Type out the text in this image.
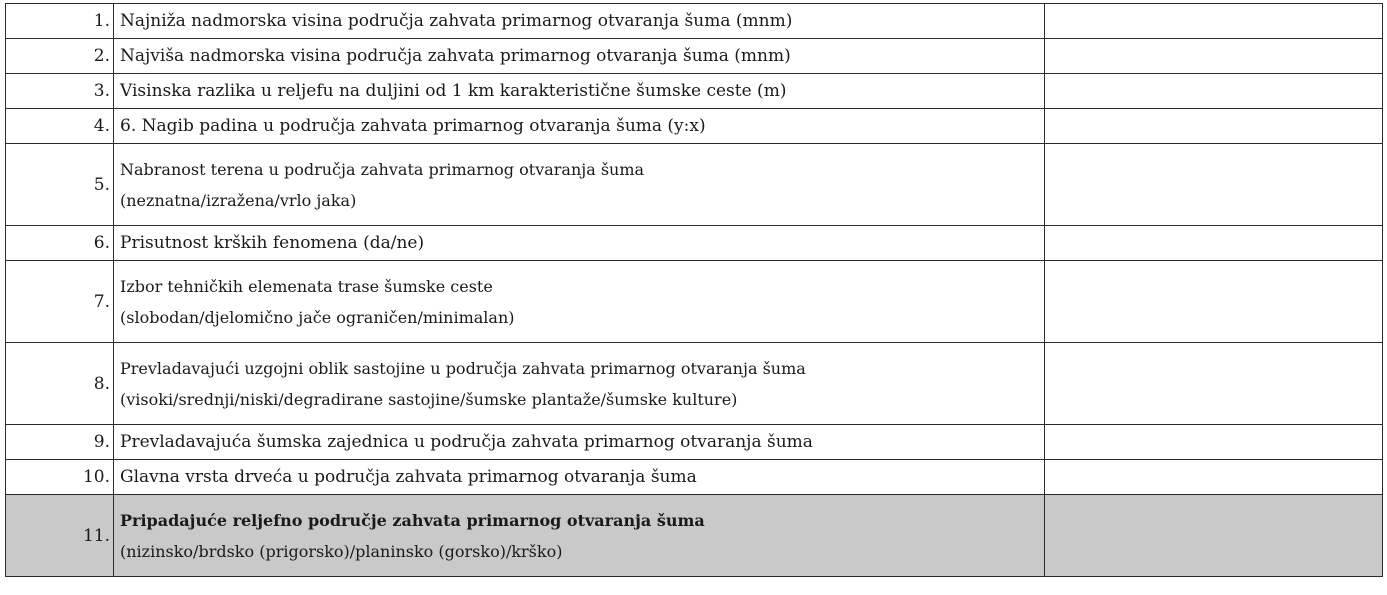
1.	Najniža nadmorska visina područja zahvata primarnog otvaranja šuma (mnm)	

2.	Najviša nadmorska visina područja zahvata primarnog otvaranja šuma (mnm)	

3.	Visinska razlika u reljefu na duljini od 1 km karakteristične šumske ceste (m)	

4.	6. Nagib padina u područja zahvata primarnog otvaranja šuma (y:x)	

5.	Nabranost terena u područja zahvata primarnog otvaranja šuma
(neznatna/izražena/vrlo jaka)	

6.	Prisutnost krških fenomena (da/ne)	

7.	Izbor tehničkih elemenata trase šumske ceste
(slobodan/djelomično jače ograničen/minimalan)	

8.	Prevladavajući uzgojni oblik sastojine u područja zahvata primarnog otvaranja šuma
(visoki/srednji/niski/degradirane sastojine/šumske plantaže/šumske kulture)	

9.	Prevladavajuća šumska zajednica u područja zahvata primarnog otvaranja šuma	

10.	Glavna vrsta drveća u područja zahvata primarnog otvaranja šuma	

11.	Pripadajuće reljefno područje zahvata primarnog otvaranja šuma
(nizinsko/brdsko (prigorsko)/planinsko (gorsko)/krško)	
